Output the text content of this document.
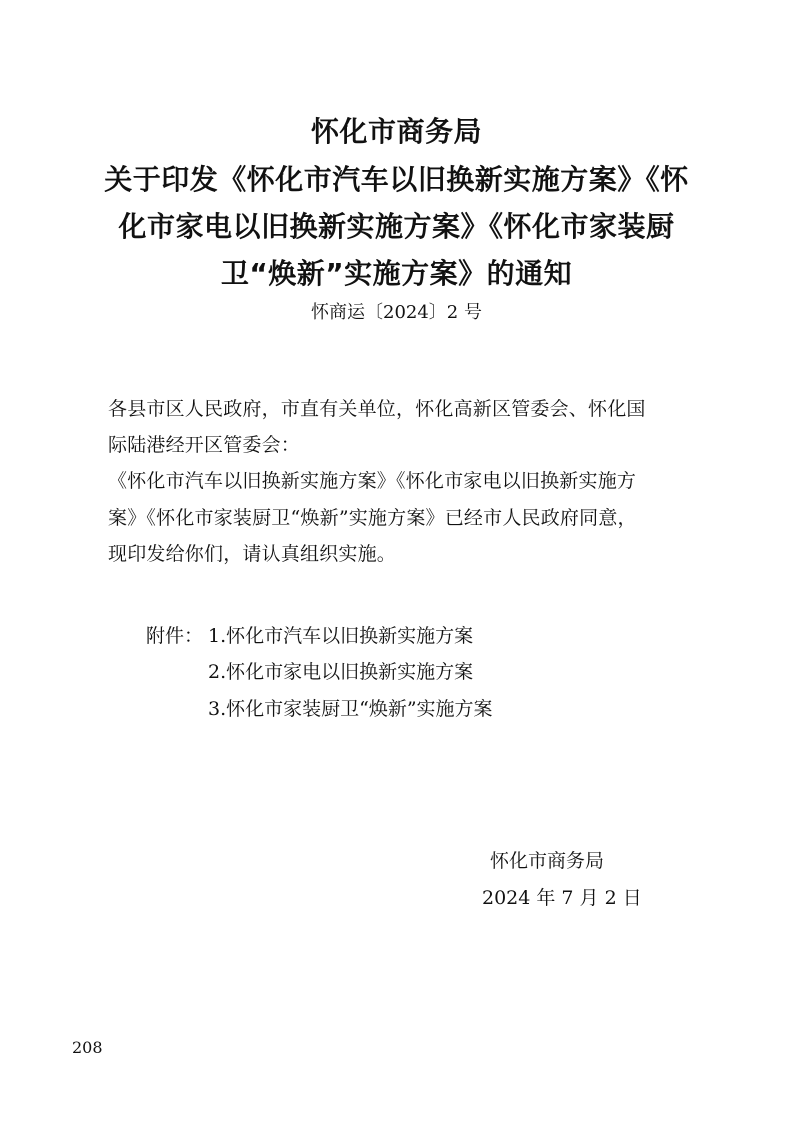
怀化市商务局
关于印发《怀化市汽车以旧换新实施方案》《怀
化市家电以旧换新实施方案》《怀化市家装厨
卫“焕新”实施方案》的通知
怀商运〔2024〕2 号
各县市区人民政府，市直有关单位，怀化高新区管委会、怀化国
际陆港经开区管委会：
《怀化市汽车以旧换新实施方案》《怀化市家电以旧换新实施方
案》《怀化市家装厨卫“焕新”实施方案》已经市人民政府同意，
现印发给你们，请认真组织实施。
附件： 1.怀化市汽车以旧换新实施方案
2.怀化市家电以旧换新实施方案
3.怀化市家装厨卫“焕新”实施方案
怀化市商务局
2024 年 7 月 2 日
208
